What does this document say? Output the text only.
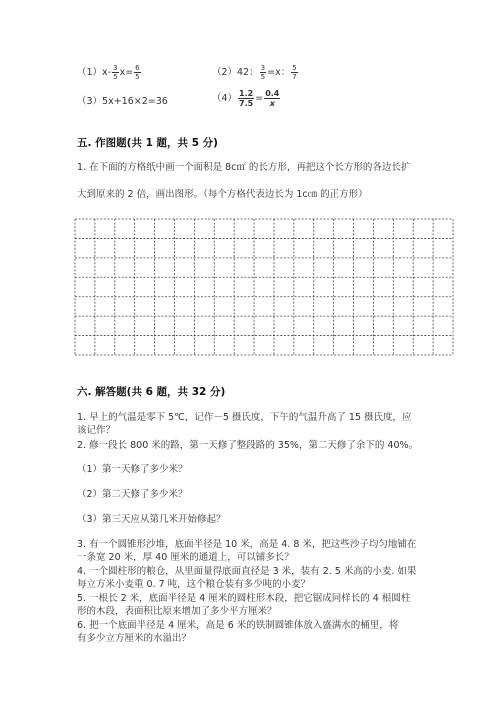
$(1)x- \frac{3}{5} x= \frac{6}{5}$	（2）42： $\frac{3}{5} =x$： $\frac{5}{7}$
（3）5x+16×2=36	$(4) \frac{1.2}{7.5} = \frac{0.4}{x}$
五. 作图题(共 1 题，共 5 分)
1. 在下面的方格纸中画一个面积是 8c㎡ 的长方形，再把这个长方形的各边长扩
大到原来的 2 倍，画出图形。（每个方格代表边长为 1c㎝ 的正方形）
六. 解答题(共 6 题，共 32 分)
1. 早上的气温是零下 5℃，记作－5 摄氏度，下午的气温升高了 15 摄氏度，应
该记作？
2. 修一段长 800 米的路，第一天修了整段路的 35%，第二天修了余下的 40%。
（1）第一天修了多少米？
（2）第二天修了多少米？
（3）第三天应从第几米开始修起？
3. 有一个圆锥形沙堆，底面半径是 10 米，高是 4. 8 米，把这些沙子均匀地铺在
一条宽 20 米，厚 40 厘米的通道上，可以铺多长？
4. 一个圆柱形的粮仓，从里面量得底面直径是 3 米，装有 2. 5 米高的小麦. 如果
每立方米小麦重 0. 7 吨，这个粮仓装有多少吨的小麦？
5. 一根长 2 米，底面半径是 4 厘米的圆柱形木段，把它锯成同样长的 4 根圆柱
形的木段，表面积比原来增加了多少平方厘米？
6. 把一个底面半径是 4 厘米，高是 6 米的铁制圆锥体放入盛满水的桶里，将
有多少立方厘米的水溢出？
